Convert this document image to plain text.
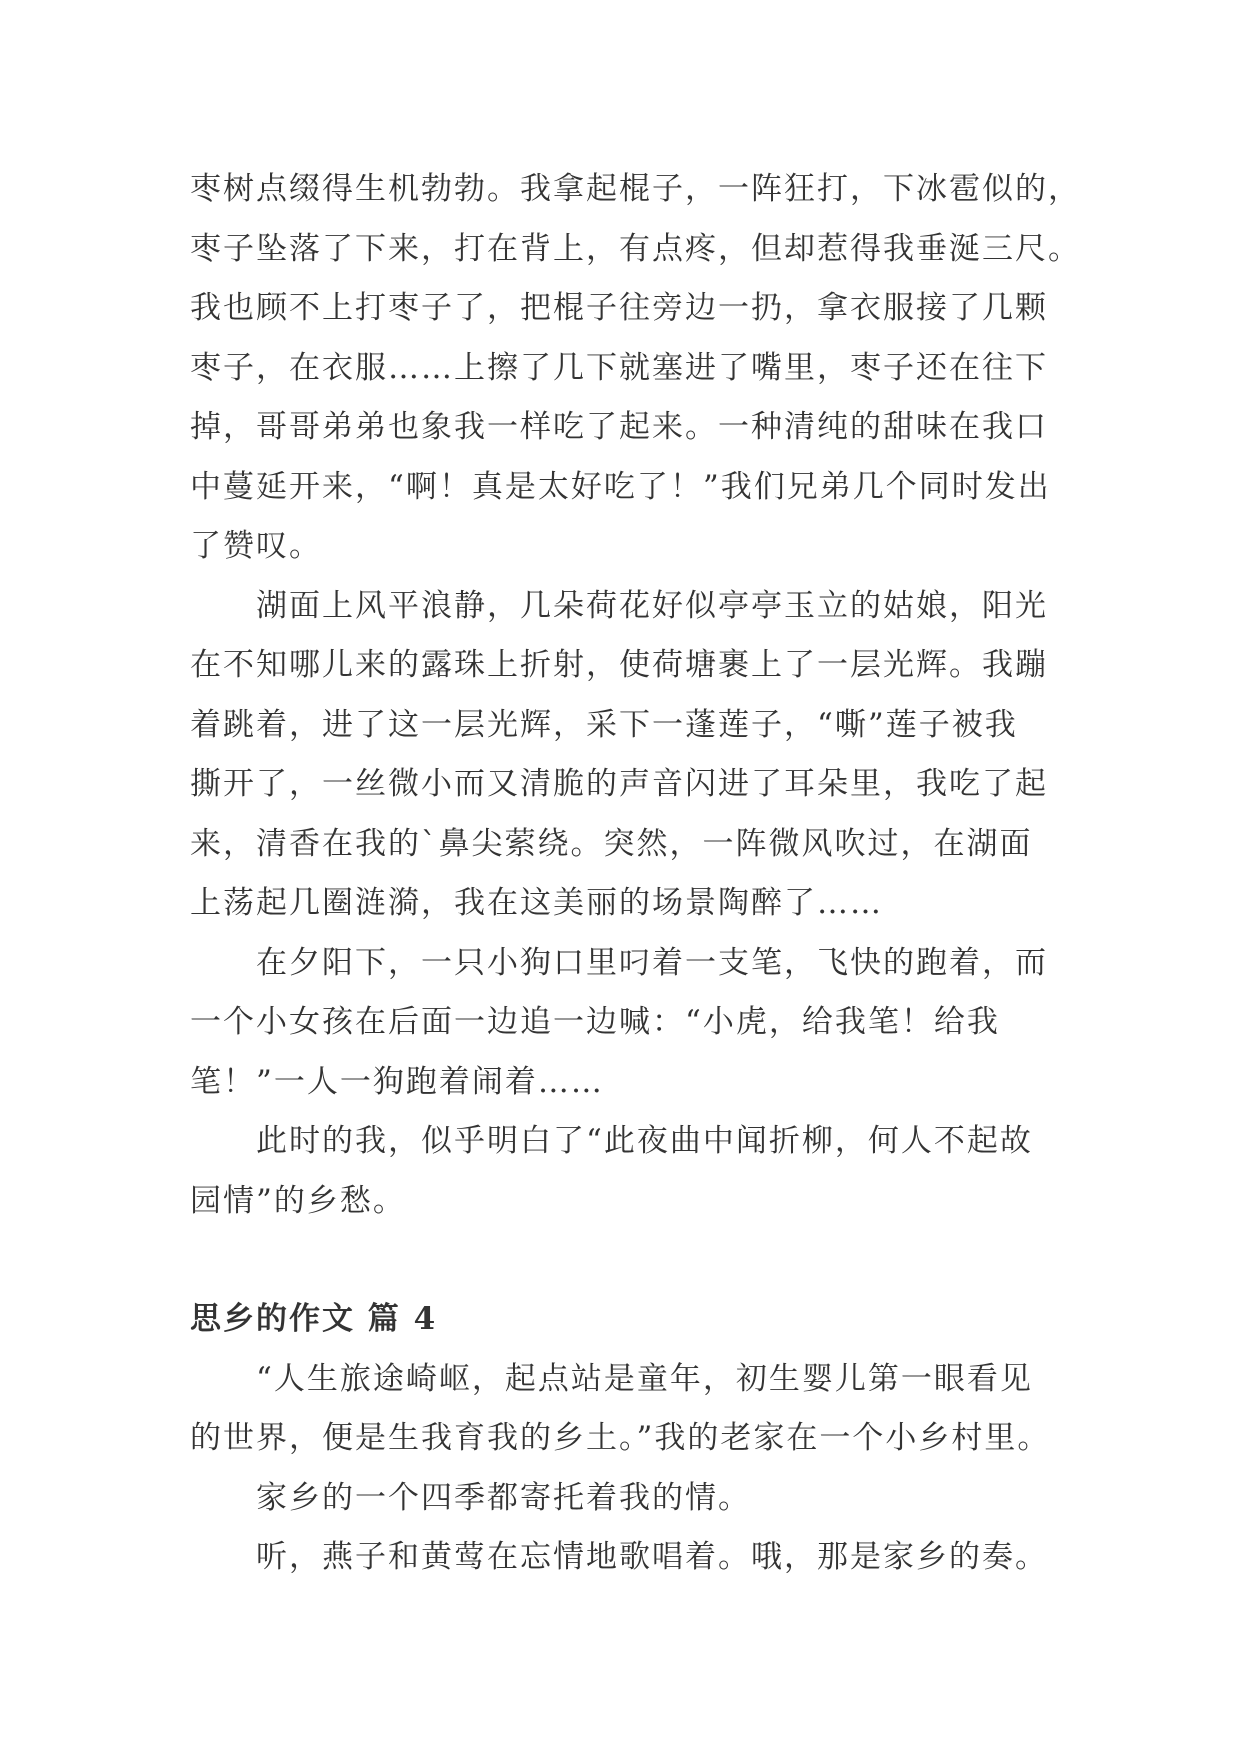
枣树点缀得生机勃勃。我拿起棍子，一阵狂打，下冰雹似的，
枣子坠落了下来，打在背上，有点疼，但却惹得我垂涎三尺。
我也顾不上打枣子了，把棍子往旁边一扔，拿衣服接了几颗
枣子，在衣服……上擦了几下就塞进了嘴里，枣子还在往下
掉，哥哥弟弟也象我一样吃了起来。一种清纯的甜味在我口
中蔓延开来，“啊！真是太好吃了！”我们兄弟几个同时发出
了赞叹。

湖面上风平浪静，几朵荷花好似亭亭玉立的姑娘，阳光
在不知哪儿来的露珠上折射，使荷塘裹上了一层光辉。我蹦
着跳着，进了这一层光辉，采下一蓬莲子，“嘶”莲子被我
撕开了，一丝微小而又清脆的声音闪进了耳朵里，我吃了起
来，清香在我的`鼻尖萦绕。突然，一阵微风吹过，在湖面
上荡起几圈涟漪，我在这美丽的场景陶醉了……

在夕阳下，一只小狗口里叼着一支笔，飞快的跑着，而
一个小女孩在后面一边追一边喊：“小虎，给我笔！给我
笔！”一人一狗跑着闹着……

此时的我，似乎明白了“此夜曲中闻折柳，何人不起故
园情”的乡愁。

思乡的作文 篇 4

“人生旅途崎岖，起点站是童年，初生婴儿第一眼看见
的世界，便是生我育我的乡土。”我的老家在一个小乡村里。

家乡的一个四季都寄托着我的情。

听，燕子和黄莺在忘情地歌唱着。哦，那是家乡的奏。
